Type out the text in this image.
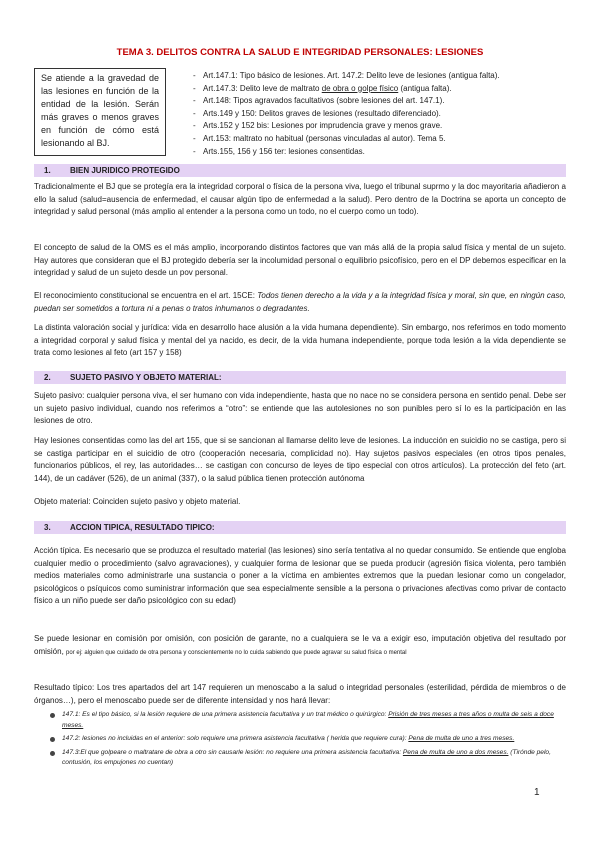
TEMA 3. DELITOS CONTRA LA SALUD E INTEGRIDAD PERSONALES: LESIONES
Se atiende a la gravedad de las lesiones en función de la entidad de la lesión. Serán más graves o menos graves en función de cómo está lesionando al BJ.
- Art.147.1: Tipo básico de lesiones. Art. 147.2: Delito leve de lesiones (antigua falta).
- Art.147.3: Delito leve de maltrato de obra o golpe físico (antigua falta).
- Art.148: Tipos agravados facultativos (sobre lesiones del art. 147.1).
- Arts.149 y 150: Delitos graves de lesiones (resultado diferenciado).
- Arts.152 y 152 bis: Lesiones por imprudencia grave y menos grave.
- Art.153: maltrato no habitual (personas vinculadas al autor). Tema 5.
- Arts.155, 156 y 156 ter: lesiones consentidas.
1. BIEN JURIDICO PROTEGIDO

Tradicionalmente el BJ que se protegía era la integridad corporal o física de la persona viva, luego el tribunal suprmo y la doc mayoritaria añadieron a ello la salud (salud=ausencia de enfermedad, el causar algún tipo de enfermedad a la salud). Pero dentro de la Doctrina se aporta un concepto de integridad y salud personal (más amplio al entender a la persona como un todo, no el cuerpo como un todo).

El concepto de salud de la OMS es el más amplio, incorporando distintos factores que van más allá de la propia salud física y mental de un sujeto. Hay autores que consideran que el BJ protegido debería ser la incolumidad personal o equilibrio psicofísico, pero en el DP debemos especificar en la integridad y salud de un sujeto desde un pov personal.

El reconocimiento constitucional se encuentra en el art. 15CE: Todos tienen derecho a la vida y a la integridad física y moral, sin que, en ningún caso, puedan ser sometidos a tortura ni a penas o tratos inhumanos o degradantes.

La distinta valoración social y jurídica: vida en desarrollo hace alusión a la vida humana dependiente). Sin embargo, nos referimos en todo momento a integridad corporal y salud física y mental del ya nacido, es decir, de la vida humana independiente, porque toda lesión a la vida dependiente se trata como lesiones al feto (art 157 y 158)

2. SUJETO PASIVO Y OBJETO MATERIAL:

Sujeto pasivo: cualquier persona viva, el ser humano con vida independiente, hasta que no nace no se considera persona en sentido penal. Debe ser un sujeto pasivo individual, cuando nos referimos a “otro”: se entiende que las autolesiones no son punibles pero sí lo es la participación en las lesiones de otro.

Hay lesiones consentidas como las del art 155, que si se sancionan al llamarse delito leve de lesiones. La inducción en suicidio no se castiga, pero si se castiga participar en el suicidio de otro (cooperación necesaria, complicidad no). Hay sujetos pasivos especiales (en otros tipos penales, funcionarios públicos, el rey, las autoridades… se castigan con concurso de leyes de tipo especial con otros artículos). La protección del feto (art. 144), de un cadáver (526), de un animal (337), o la salud pública tienen protección autónoma

Objeto material: Coinciden sujeto pasivo y objeto material.

3. ACCION TIPICA, RESULTADO TIPICO:

Acción típica. Es necesario que se produzca el resultado material (las lesiones) sino sería tentativa al no quedar consumido. Se entiende que engloba cualquier medio o procedimiento (salvo agravaciones), y cualquier forma de lesionar que se pueda producir (agresión física violenta, pero también medios materiales como administrarle una sustancia o poner a la víctima en ambientes extremos que la puedan lesionar como un congelador, psicológicos o psíquicos como suministrar información que sea especialmente sensible a la persona o privaciones afectivas como privar de contacto físico a un niño puede ser daño psicológico con su edad)

Se puede lesionar en comisión por omisión, con posición de garante, no a cualquiera se le va a exigir eso, imputación objetiva del resultado por omisión, por ej: alguien que cuidado de otra persona y conscientemente no lo cuida sabiendo que puede agravar su salud física o mental

Resultado típico: Los tres apartados del art 147 requieren un menoscabo a la salud o integridad personales (esterilidad, pérdida de miembros o de órganos…), pero el menoscabo puede ser de diferente intensidad y nos hará llevar:

147.1: Es el tipo básico, si la lesión requiere de una primera asistencia facultativa y un trat médico o quirúrgico: Prisión de tres meses a tres años o multa de seis a doce meses.
147.2: lesiones no incluidas en el anterior: solo requiere una primera asistencia facultativa ( herida que requiere cura): Pena de multa de uno a tres meses.
147.3:El que golpeare o maltratare de obra a otro sin causarle lesión: no requiere una primera asistencia facultativa: Pena de multa de uno a dos meses. (Tirónde pelo, contusión, los empujones no cuentan)
1
